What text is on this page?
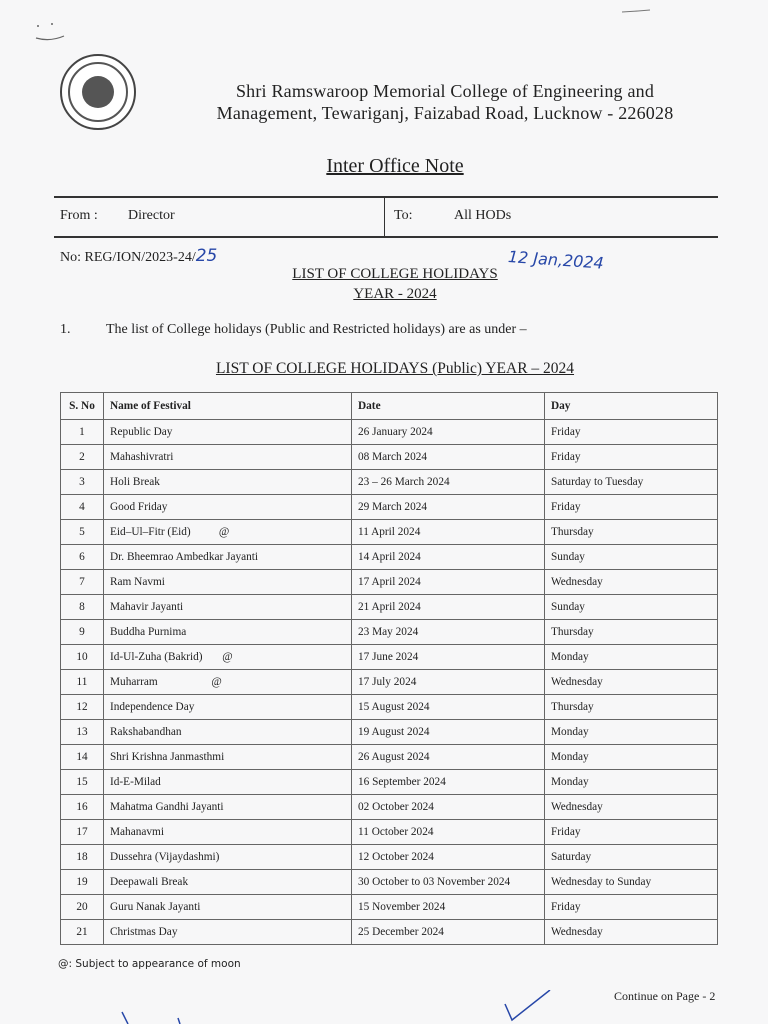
Shri Ramswaroop Memorial College of Engineering and
Management, Tewariganj, Faizabad Road, Lucknow - 226028
Inter Office Note
From : Director	To:	All HODs
No: REG/ION/2023-24/25	12 Jan,2024
LIST OF COLLEGE HOLIDAYS
YEAR - 2024
1.	The list of College holidays (Public and Restricted holidays) are as under –
LIST OF COLLEGE HOLIDAYS (Public) YEAR – 2024
S. No	Name of Festival	Date	Day
1	Republic Day	26 January 2024	Friday
2	Mahashivratri	08 March 2024	Friday
3	Holi Break	23 – 26 March 2024	Saturday to Tuesday
4	Good Friday	29 March 2024	Friday
5	Eid–Ul–Fitr (Eid)          @	11 April 2024	Thursday
6	Dr. Bheemrao Ambedkar Jayanti	14 April 2024	Sunday
7	Ram Navmi	17 April 2024	Wednesday
8	Mahavir Jayanti	21 April 2024	Sunday
9	Buddha Purnima	23 May 2024	Thursday
10	Id-Ul-Zuha (Bakrid)       @	17 June 2024	Monday
11	Muharram                   @	17 July 2024	Wednesday
12	Independence Day	15 August 2024	Thursday
13	Rakshabandhan	19 August 2024	Monday
14	Shri Krishna Janmasthmi	26 August 2024	Monday
15	Id-E-Milad	16 September 2024	Monday
16	Mahatma Gandhi Jayanti	02 October 2024	Wednesday
17	Mahanavmi	11 October 2024	Friday
18	Dussehra (Vijaydashmi)	12 October 2024	Saturday
19	Deepawali Break	30 October to 03 November 2024	Wednesday to Sunday
20	Guru Nanak Jayanti	15 November 2024	Friday
21	Christmas Day	25 December 2024	Wednesday
@: Subject to appearance of moon
Continue on Page - 2
